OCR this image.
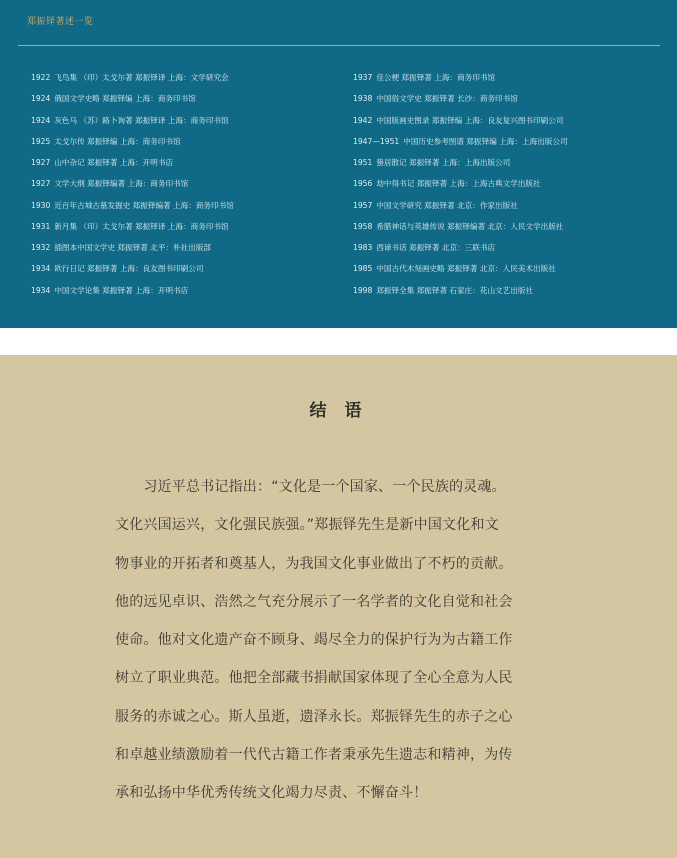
郑振铎著述一览
1922 飞鸟集 （印）太戈尔著 郑振铎译 上海：文学研究会
1924 俄国文学史略 郑振铎编 上海：商务印书馆
1924 灰色马 （苏）路卜询著 郑振铎译 上海：商务印书馆
1925 太戈尔传 郑振铎编 上海：商务印书馆
1927 山中杂记 郑振铎著 上海：开明书店
1927 文学大纲 郑振铎编著 上海：商务印书馆
1930 近百年古城古墓发掘史 郑振铎编著 上海：商务印书馆
1931 新月集 （印）太戈尔著 郑振铎译 上海：商务印书馆
1932 插图本中国文学史 郑振铎著 北平：朴社出版部
1934 欧行日记 郑振铎著 上海：良友图书印刷公司
1934 中国文学论集 郑振铎著 上海：开明书店
1937 佳公梗 郑振铎著 上海：商务印书馆
1938 中国俗文学史 郑振铎著 长沙：商务印书馆
1942 中国版画史图录 郑振铎编 上海：良友复兴图书印刷公司
1947—1951 中国历史参考图谱 郑振铎编 上海：上海出版公司
1951 蛰居散记 郑振铎著 上海：上海出版公司
1956 劫中得书记 郑振铎著 上海：上海古典文学出版社
1957 中国文学研究 郑振铎著 北京：作家出版社
1958 希腊神话与英雄传说 郑振铎编著 北京：人民文学出版社
1983 西谛书话 郑振铎著 北京：三联书店
1985 中国古代木刻画史略 郑振铎著 北京：人民美术出版社
1998 郑振铎全集 郑振铎著 石家庄：花山文艺出版社
结 语
　　习近平总书记指出：“文化是一个国家、一个民族的灵魂。
文化兴国运兴，文化强民族强。”郑振铎先生是新中国文化和文
物事业的开拓者和奠基人，为我国文化事业做出了不朽的贡献。
他的远见卓识、浩然之气充分展示了一名学者的文化自觉和社会
使命。他对文化遗产奋不顾身、竭尽全力的保护行为为古籍工作
树立了职业典范。他把全部藏书捐献国家体现了全心全意为人民
服务的赤诚之心。斯人虽逝，遗泽永长。郑振铎先生的赤子之心
和卓越业绩激励着一代代古籍工作者秉承先生遗志和精神，为传
承和弘扬中华优秀传统文化竭力尽责、不懈奋斗！
